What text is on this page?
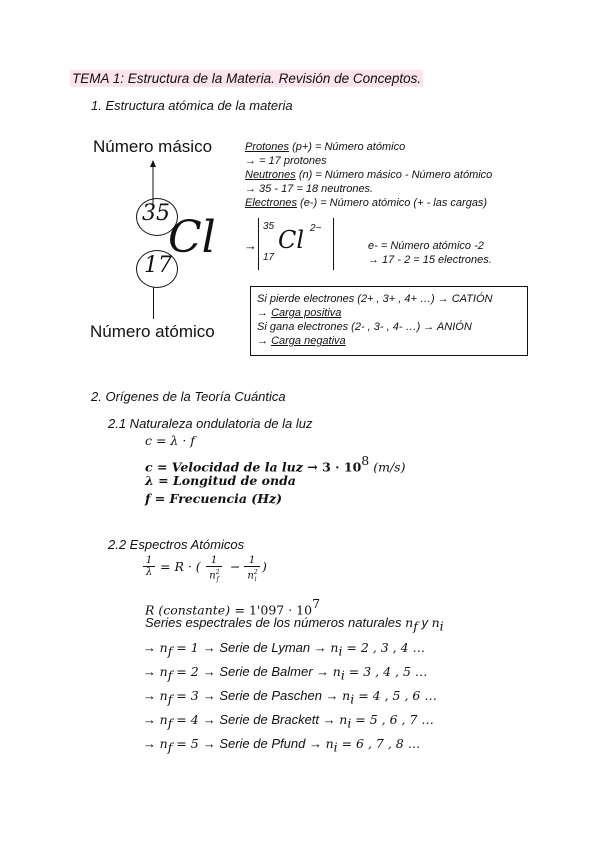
TEMA 1: Estructura de la Materia. Revisión de Conceptos.
1. Estructura atómica de la materia
Número másico
35
Cl
17
Número atómico
Protones (p+) = Número atómico
→ = 17 protones
Neutrones (n) = Número másico - Número atómico
→ 35 - 17 = 18 neutrones.
Electrones (e-) = Número atómico (+ - las cargas)
→
35
17
Cl 2−
e- = Número atómico -2
→ 17 - 2 = 15 electrones.
Si pierde electrones (2+ , 3+ , 4+ …) → CATIÓN
→ Carga positiva
Si gana electrones (2- , 3- , 4- …) → ANIÓN
→ Carga negativa
2. Orígenes de la Teoría Cuántica
2.1 Naturaleza ondulatoria de la luz
c = λ · f
c = Velocidad de la luz → $3 \cdot 10^8$ (m/s)
λ = Longitud de onda
f = Frecuencia (Hz)
2.2 Espectros Atómicos
$\frac{1}{\lambda} = R$ · ( $\frac{1}{n^2_f} - \frac{1}{n^2_i}$ )
R (constante) = $1'097 \cdot 10^7$
Series espectrales de los números naturales $n_f$ y $n_i$
→ $n_f = 1$ → Serie de Lyman → $n_i = 2$ , 3 , 4 …
→ $n_f = 2$ → Serie de Balmer → $n_i = 3$ , 4 , 5 …
→ $n_f = 3$ → Serie de Paschen → $n_i = 4$ , 5 , 6 …
→ $n_f = 4$ → Serie de Brackett → $n_i = 5$ , 6 , 7 …
→ $n_f = 5$ → Serie de Pfund → $n_i = 6$ , 7 , 8 …
